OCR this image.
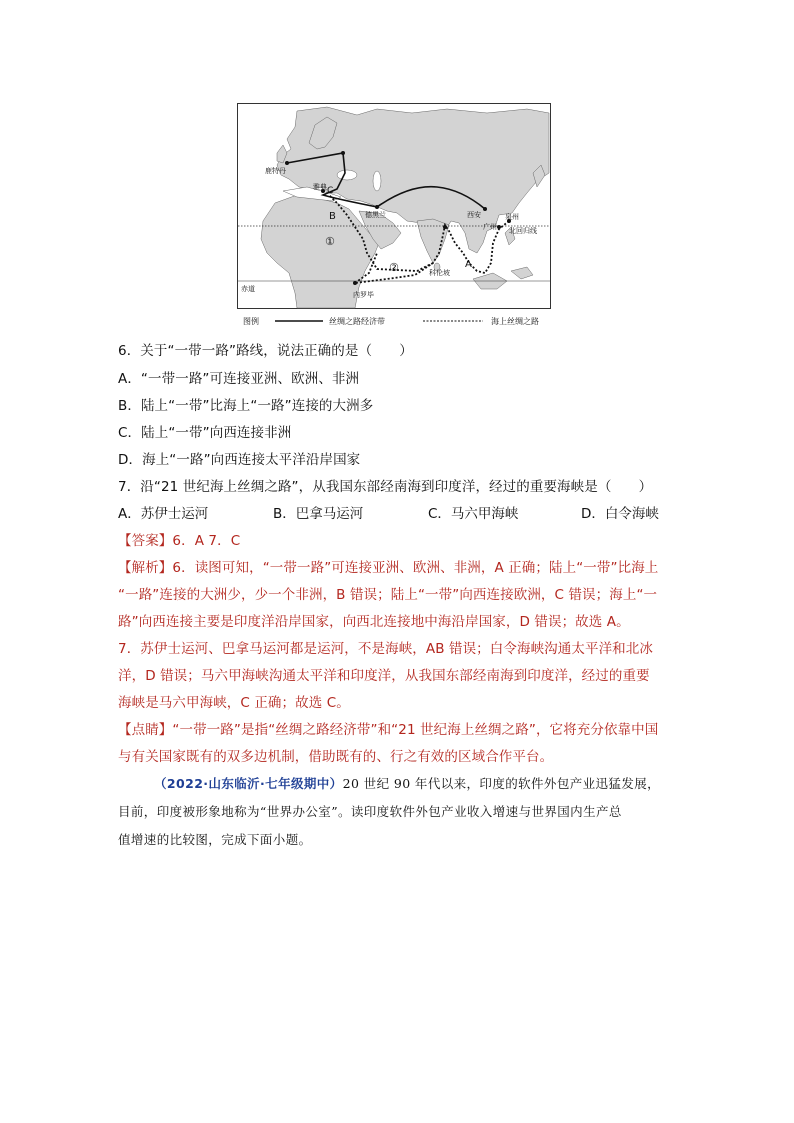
鹿特丹
雅典 C
B
A
德黑兰	西安
广州
泉州
科伦坡
内罗毕
北回归线
赤道
①
②
图例	丝绸之路经济带	海上丝绸之路
6．关于“一带一路”路线，说法正确的是（　　）
A．“一带一路”可连接亚洲、欧洲、非洲
B．陆上“一带”比海上“一路”连接的大洲多
C．陆上“一带”向西连接非洲
D．海上“一路”向西连接太平洋沿岸国家
7．沿“21 世纪海上丝绸之路”，从我国东部经南海到印度洋，经过的重要海峡是（　　）
A．苏伊士运河	B．巴拿马运河	C．马六甲海峡	D．白令海峡
【答案】6．A 7．C
【解析】6．读图可知，“一带一路”可连接亚洲、欧洲、非洲，A 正确；陆上“一带”比海上
“一路”连接的大洲少，少一个非洲，B 错误；陆上“一带”向西连接欧洲，C 错误；海上“一
路”向西连接主要是印度洋沿岸国家，向西北连接地中海沿岸国家，D 错误；故选 A。
7．苏伊士运河、巴拿马运河都是运河，不是海峡，AB 错误；白令海峡沟通太平洋和北冰
洋，D 错误；马六甲海峡沟通太平洋和印度洋，从我国东部经南海到印度洋，经过的重要
海峡是马六甲海峡，C 正确；故选 C。
【点睛】“一带一路”是指“丝绸之路经济带”和“21 世纪海上丝绸之路”，它将充分依靠中国
与有关国家既有的双多边机制，借助既有的、行之有效的区域合作平台。
（2022·山东临沂·七年级期中）20 世纪 90 年代以来，印度的软件外包产业迅猛发展，
目前，印度被形象地称为“世界办公室”。读印度软件外包产业收入增速与世界国内生产总
值增速的比较图，完成下面小题。
